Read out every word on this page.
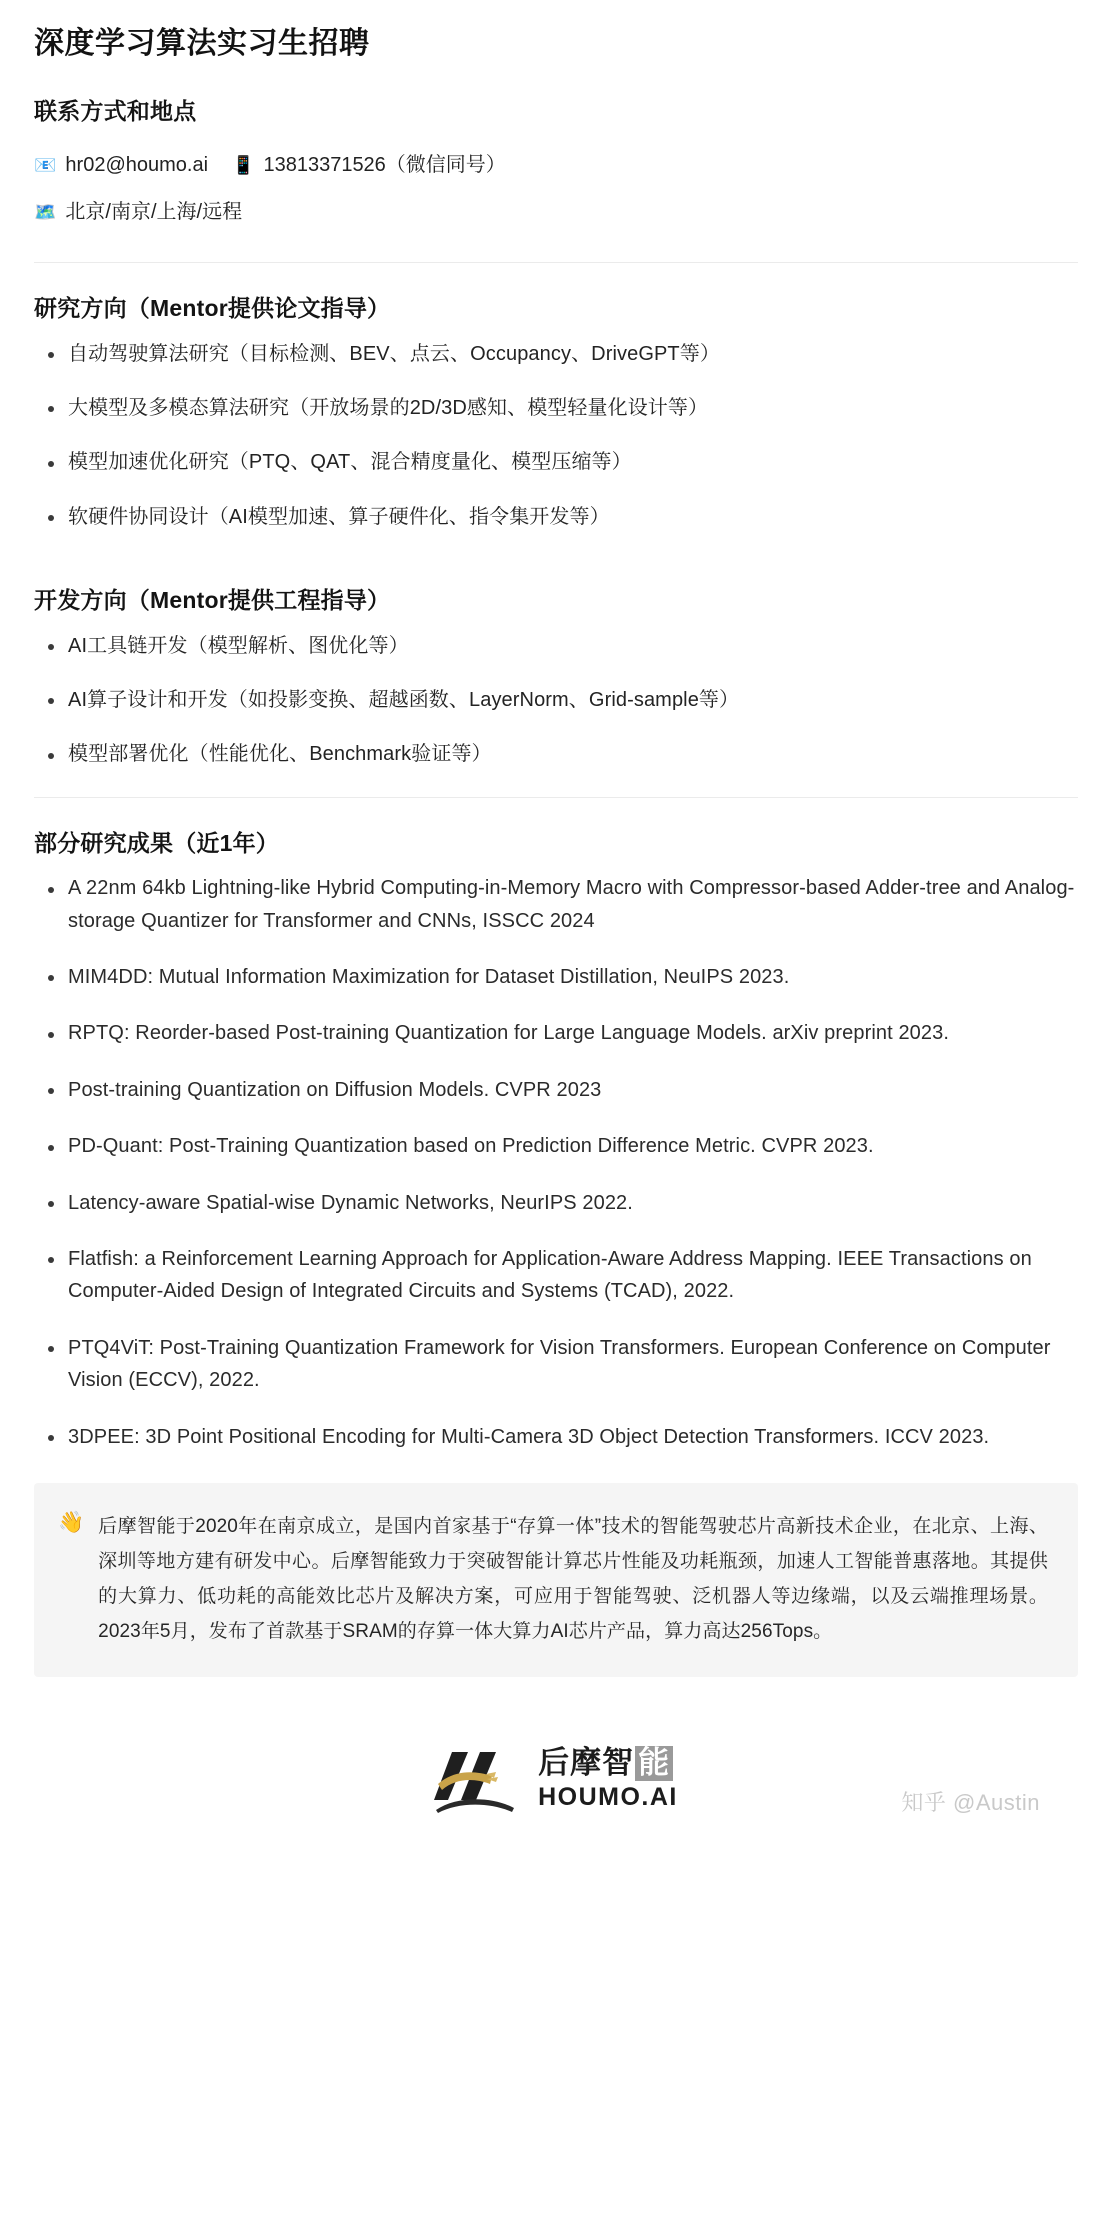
深度学习算法实习生招聘
联系方式和地点
📧 hr02@houmo.ai 📱 13813371526（微信同号）
🗺️ 北京/南京/上海/远程
研究方向（Mentor提供论文指导）
自动驾驶算法研究（目标检测、BEV、点云、Occupancy、DriveGPT等）
大模型及多模态算法研究（开放场景的2D/3D感知、模型轻量化设计等）
模型加速优化研究（PTQ、QAT、混合精度量化、模型压缩等）
软硬件协同设计（AI模型加速、算子硬件化、指令集开发等）
开发方向（Mentor提供工程指导）
AI工具链开发（模型解析、图优化等）
AI算子设计和开发（如投影变换、超越函数、LayerNorm、Grid-sample等）
模型部署优化（性能优化、Benchmark验证等）
部分研究成果（近1年）
A 22nm 64kb Lightning-like Hybrid Computing-in-Memory Macro with Compressor-based Adder-tree and Analog-storage Quantizer for Transformer and CNNs, ISSCC 2024
MIM4DD: Mutual Information Maximization for Dataset Distillation, NeuIPS 2023.
RPTQ: Reorder-based Post-training Quantization for Large Language Models. arXiv preprint 2023.
Post-training Quantization on Diffusion Models. CVPR 2023
PD-Quant: Post-Training Quantization based on Prediction Difference Metric. CVPR 2023.
Latency-aware Spatial-wise Dynamic Networks, NeurIPS 2022.
Flatfish: a Reinforcement Learning Approach for Application-Aware Address Mapping. IEEE Transactions on Computer-Aided Design of Integrated Circuits and Systems (TCAD), 2022.
PTQ4ViT: Post-Training Quantization Framework for Vision Transformers. European Conference on Computer Vision (ECCV), 2022.
3DPEE: 3D Point Positional Encoding for Multi-Camera 3D Object Detection Transformers. ICCV 2023.
👋 后摩智能于2020年在南京成立，是国内首家基于“存算一体”技术的智能驾驶芯片高新技术企业，在北京、上海、深圳等地方建有研发中心。后摩智能致力于突破智能计算芯片性能及功耗瓶颈，加速人工智能普惠落地。其提供的大算力、低功耗的高能效比芯片及解决方案，可应用于智能驾驶、泛机器人等边缘端，以及云端推理场景。2023年5月，发布了首款基于SRAM的存算一体大算力AI芯片产品，算力高达256Tops。
后摩智 能
HOUMO.AI	知乎 @Austin
